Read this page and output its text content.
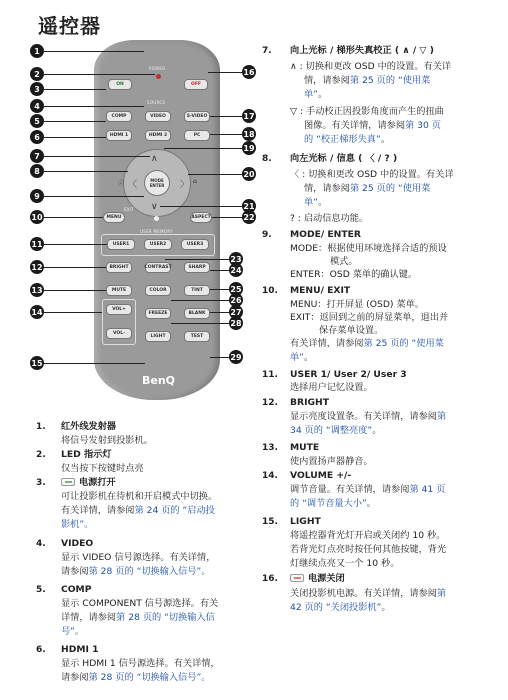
遥控器
POWER
ON	OFF
SOURCE
COMP	VIDEO	S-VIDEO
HDMI 1	HDMI 2	PC
∧
∨
〈	〉
MODE
ENTER
ⓘ	⌂
EXIT
MENU	ASPECT
USER MEMORY
USER1	USER2	USER3
BRIGHT	CONTRAST	SHARP
MUTE	COLOR	TINT
VOL+
FREEZE	BLANK
VOL-
LIGHT	TEST
BenQ
1
2
3
4
5
6
7
8
9
10
11
12
13
14
15
16
17
18
19
20
21
22
23
24
25
26
27
28
29
1. 红外线发射器
将信号发射到投影机。
2. LED 指示灯
仅当按下按键时点亮
3.	电源打开
可让投影机在待机和开启模式中切换。
有关详情，请参阅第 24 页的 “启动投
影机”。
4. VIDEO
显示 VIDEO 信号源选择。有关详情，
请参阅第 28 页的 “切换输入信号”。
5. COMP
显示 COMPONENT 信号源选择。有关
详情，请参阅第 28 页的 “切换输入信
号”。
6. HDMI 1
显示 HDMI 1 信号源选择。有关详情，
请参阅第 28 页的 “切换输入信号”。
7. 向上光标 / 梯形失真校正 ( ∧ / ▽ )
∧ : 切换和更改 OSD 中的设置。有关详
情，请参阅第 25 页的 “使用菜
单”。
▽ : 手动校正因投影角度而产生的扭曲
图像。有关详情，请参阅第 30 页
的 “校正梯形失真”。
8. 向左光标 / 信息 ( 〈 / ? )
〈 : 切换和更改 OSD 中的设置。有关详
情，请参阅第 25 页的 “使用菜
单”。
? : 启动信息功能。
9. MODE/ ENTER
MODE：根据使用环境选择合适的预设
模式。
ENTER：OSD 菜单的确认键。
10. MENU/ EXIT
MENU：打开屏显 (OSD) 菜单。
EXIT：返回到之前的屏显菜单，退出并
保存菜单设置。
有关详情，请参阅第 25 页的 “使用菜
单”。
11. USER 1/ User 2/ User 3
选择用户记忆设置。
12. BRIGHT
显示亮度设置条。有关详情，请参阅第
34 页的 “调整亮度”。
13. MUTE
使内置扬声器静音。
14. VOLUME +/-
调节音量。有关详情，请参阅第 41 页
的 “调节音量大小”。
15. LIGHT
将遥控器背光灯开启或关闭约 10 秒。
若背光灯点亮时按任何其他按键，背光
灯继续点亮又一个 10 秒。
16.	电源关闭
关闭投影机电源。有关详情，请参阅第
42 页的 “关闭投影机”。
